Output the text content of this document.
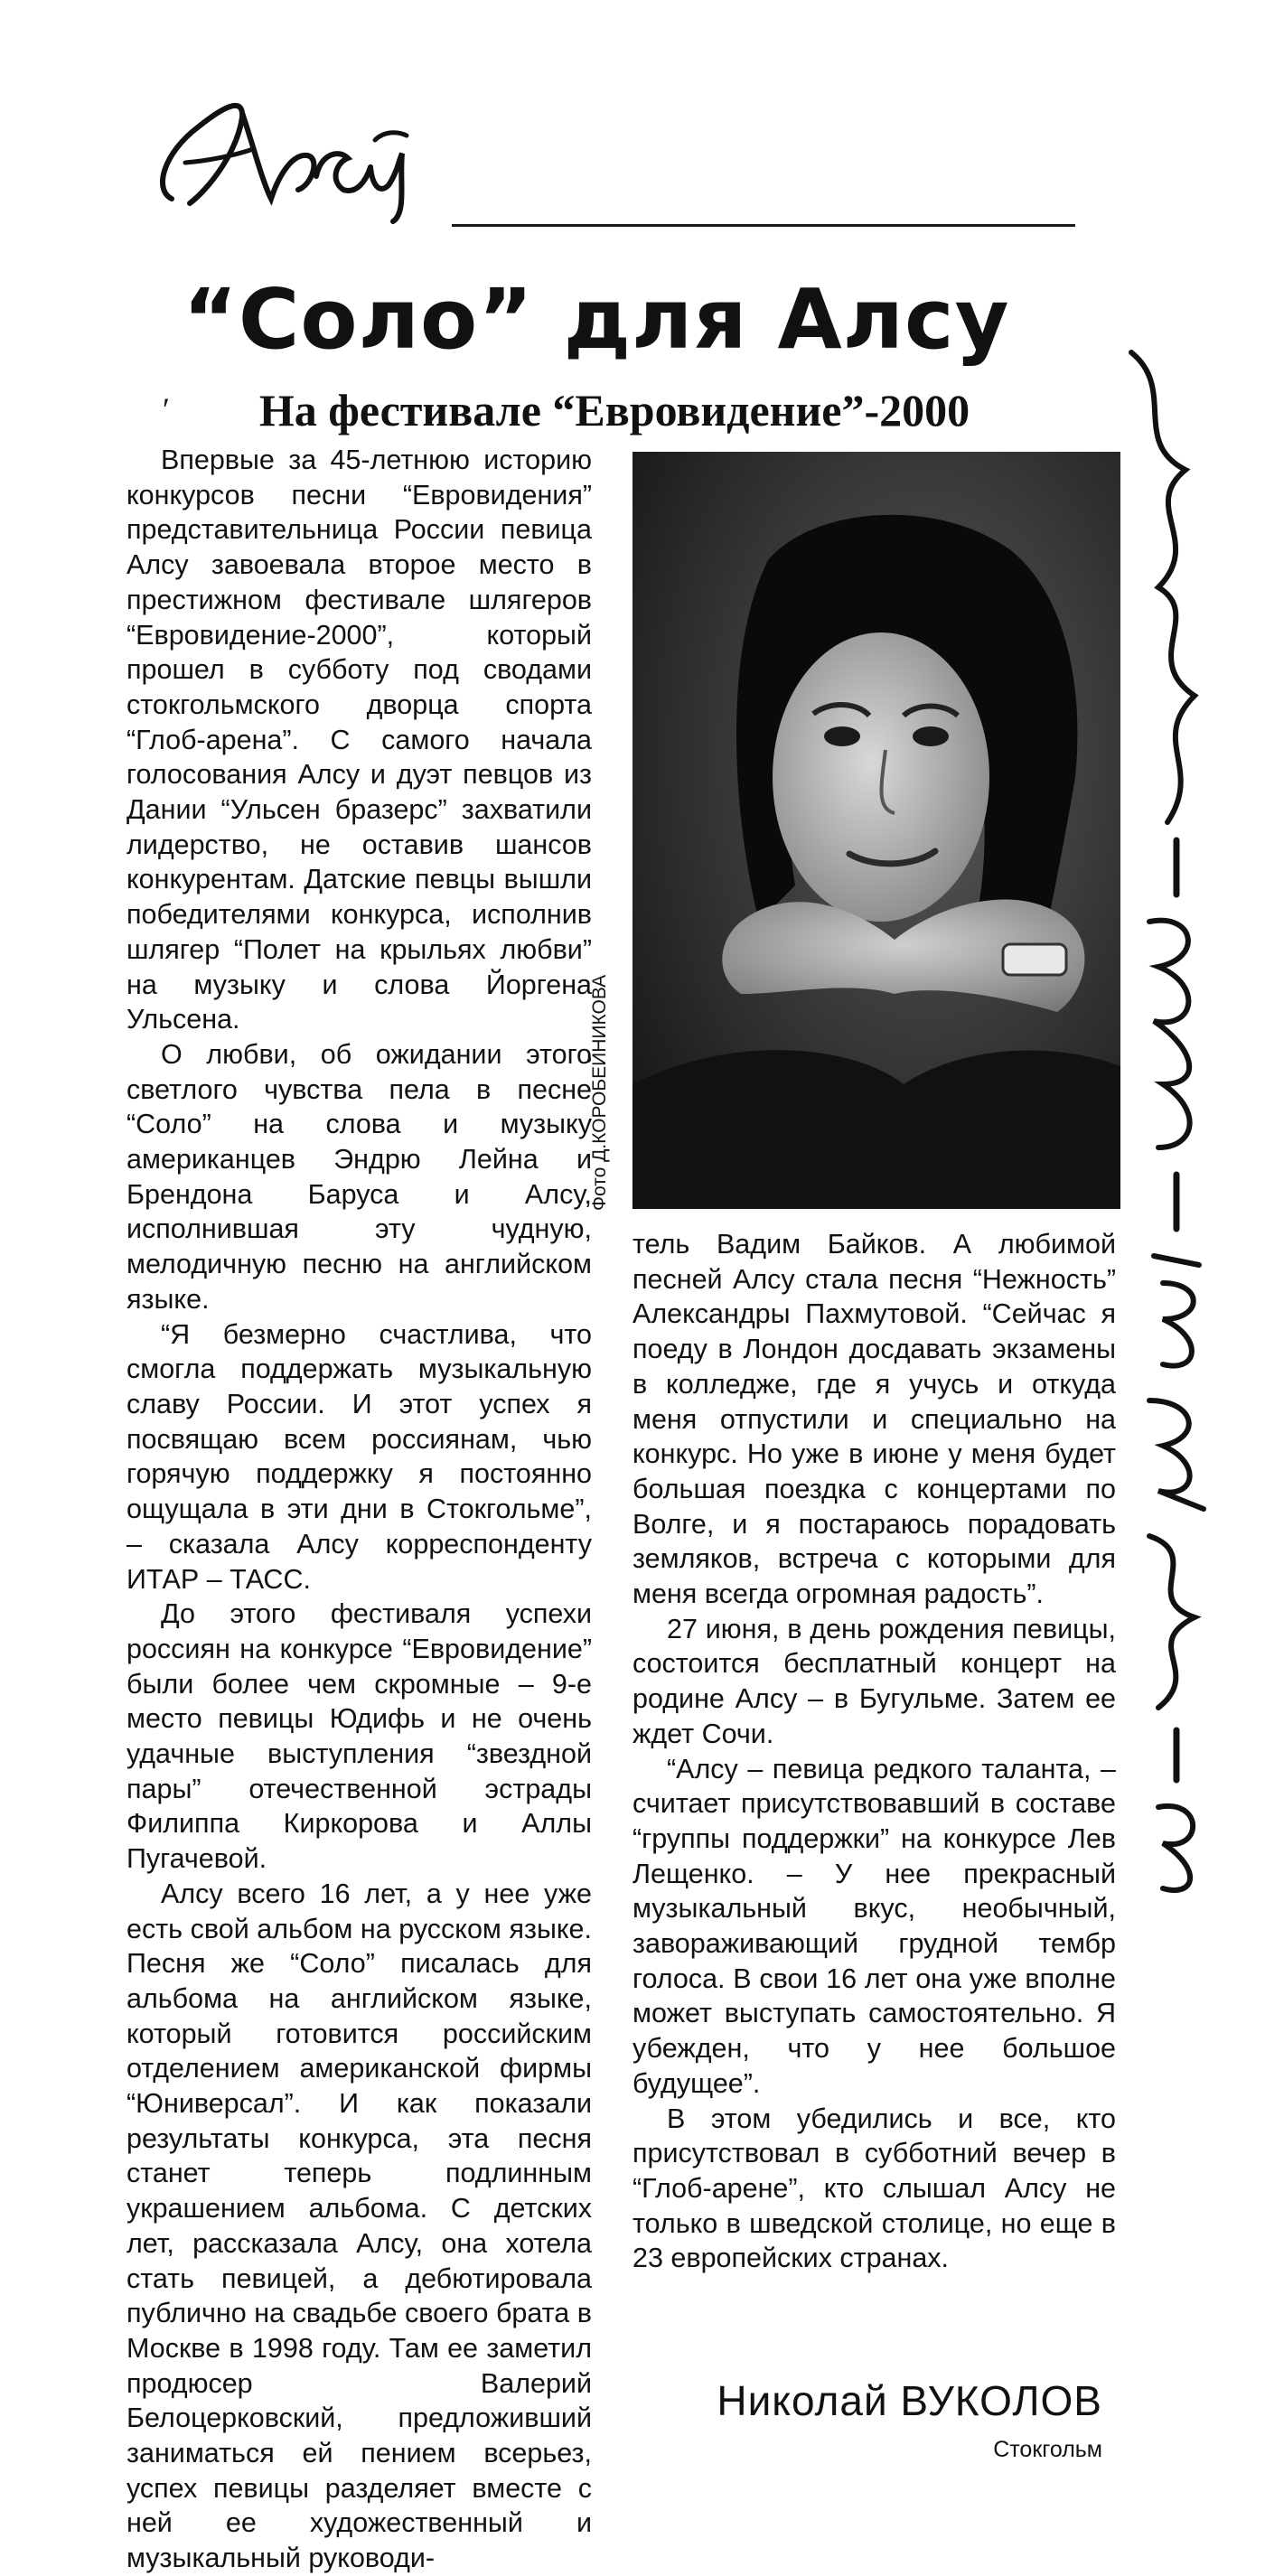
“Соло” для Алсу
ʹ	На фестивале “Евровидение”-2000

Впервые за 45-летнюю историю конкурсов песни “Евровидения” представительница России певица Алсу завоевала второе место в престижном фестивале шлягеров “Евровидение-2000”, который прошел в субботу под сводами стокгольмского дворца спорта “Глоб-арена”. С самого начала голосования Алсу и дуэт певцов из Дании “Ульсен бразерс” захватили лидерство, не оставив шансов конкурентам. Датские певцы вышли победителями конкурса, исполнив шлягер “Полет на крыльях любви” на музыку и слова Йоргена Ульсена.

О любви, об ожидании этого светлого чувства пела в песне “Соло” на слова и музыку американцев Эндрю Лейна и Брендона Баруса и Алсу, исполнившая эту чудную, мелодичную песню на английском языке.

“Я безмерно счастлива, что смогла поддержать музыкальную славу России. И этот успех я посвящаю всем россиянам, чью горячую поддержку я постоянно ощущала в эти дни в Стокгольме”, – сказала Алсу корреспонденту ИТАР – ТАСС.

До этого фестиваля успехи россиян на конкурсе “Евровидение” были более чем скромные – 9-е место певицы Юдифь и не очень удачные выступления “звездной пары” отечественной эстрады Филиппа Киркорова и Аллы Пугачевой.

Алсу всего 16 лет, а у нее уже есть свой альбом на русском языке. Песня же “Соло” писалась для альбома на английском языке, который готовится российским отделением американской фирмы “Юниверсал”. И как показали результаты конкурса, эта песня станет теперь подлинным украшением альбома. С детских лет, рассказала Алсу, она хотела стать певицей, а дебютировала публично на свадьбе своего брата в Москве в 1998 году. Там ее заметил продюсер Валерий Белоцерковский, предложивший заниматься ей пением всерьез, успех певицы разделяет вместе с ней ее художественный и музыкальный руководи-

Фото Д.КОРОБЕЙНИКОВА

тель Вадим Байков. А любимой песней Алсу стала песня “Нежность” Александры Пахмутовой. “Сейчас я поеду в Лондон досдавать экзамены в колледже, где я учусь и откуда меня отпустили и специально на конкурс. Но уже в июне у меня будет большая поездка с концертами по Волге, и я постараюсь порадовать земляков, встреча с которыми для меня всегда огромная радость”.

27 июня, в день рождения певицы, состоится бесплатный концерт на родине Алсу – в Бугульме. Затем ее ждет Сочи.

“Алсу – певица редкого таланта, – считает присутствовавший в составе “группы поддержки” на конкурсе Лев Лещенко. – У нее прекрасный музыкальный вкус, необычный, завораживающий грудной тембр голоса. В свои 16 лет она уже вполне может выступать самостоятельно. Я убежден, что у нее большое будущее”.

В этом убедились и все, кто присутствовал в субботний вечер в “Глоб-арене”, кто слышал Алсу не только в шведской столице, но еще в 23 европейских странах.

Николай ВУКОЛОВ
Стокгольм
